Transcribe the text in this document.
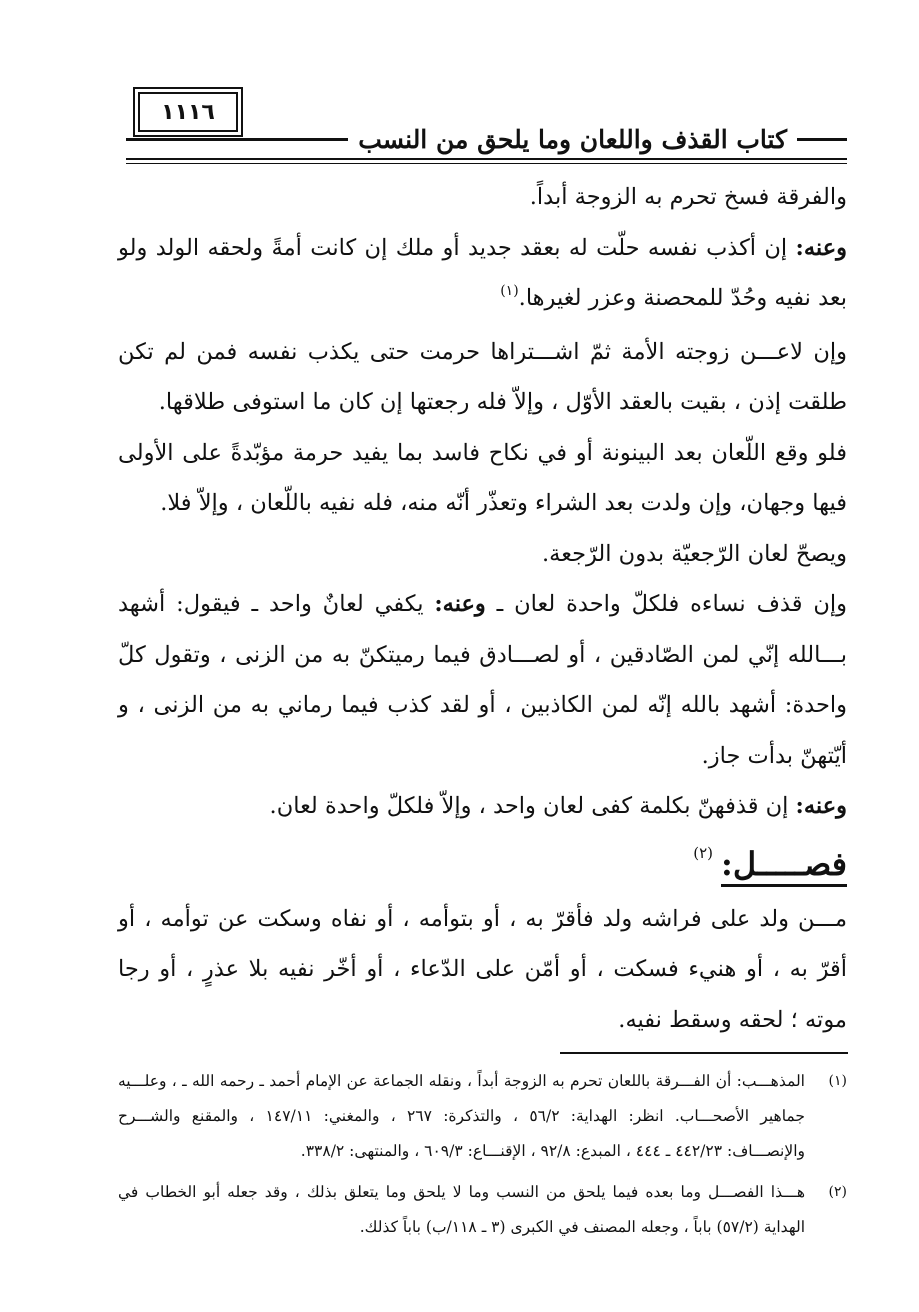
١١١٦
كتاب القذف واللعان وما يلحق من النسب

والفرقة فسخ تحرم به الزوجة أبداً.

وعنه: إن أكذب نفسه حلّت له بعقد جديد أو ملك إن كانت أمةً ولحقه الولد ولو بعد نفيه وحُدّ للمحصنة وعزر لغيرها.$^{(١)}$

وإن لاعـــن زوجته الأمة ثمّ اشـــتراها حرمت حتى يكذب نفسه فمن لم تكن طلقت إذن ، بقيت بالعقد الأوّل ، وإلاّ فله رجعتها إن كان ما استوفى طلاقها.

فلو وقع اللّعان بعد البينونة أو في نكاح فاسد بما يفيد حرمة مؤبّدةً على الأولى فيها وجهان، وإن ولدت بعد الشراء وتعذّر أنّه منه، فله نفيه باللّعان ، وإلاّ فلا.

ويصحّ لعان الرّجعيّة بدون الرّجعة.

وإن قذف نساءه فلكلّ واحدة لعان ـ وعنه: يكفي لعانٌ واحد ـ فيقول: أشهد بـــالله إنّي لمن الصّادقين ، أو لصـــادق فيما رميتكنّ به من الزنى ، وتقول كلّ واحدة: أشهد بالله إنّه لمن الكاذبين ، أو لقد كذب فيما رماني به من الزنى ، و أيّتهنّ بدأت جاز.

وعنه: إن قذفهنّ بكلمة كفى لعان واحد ، وإلاّ فلكلّ واحدة لعان.

فصـــــل:
(٢)

مـــن ولد على فراشه ولد فأقرّ به ، أو بتوأمه ، أو نفاه وسكت عن توأمه ، أو أقرّ به ، أو هنيء فسكت ، أو أمّن على الدّعاء ، أو أخّر نفيه بلا عذرٍ ، أو رجا موته ؛ لحقه وسقط نفيه.

(١)
المذهـــب: أن الفـــرقة باللعان تحرم به الزوجة أبداً ، ونقله الجماعة عن الإمام أحمد ـ رحمه الله ـ ، وعلـــيه جماهير الأصحـــاب. انظر: الهداية: ٥٦/٢ ، والتذكرة: ٢٦٧ ، والمغني: ١٤٧/١١ ، والمقنع والشـــرح والإنصـــاف: ٤٤٢/٢٣ ـ ٤٤٤ ، المبدع: ٩٢/٨ ، الإقنـــاع: ٦٠٩/٣ ، والمنتهى: ٣٣٨/٢.
(٢)
هـــذا الفصـــل وما بعده فيما يلحق من النسب وما لا يلحق وما يتعلق بذلك ، وقد جعله أبو الخطاب في الهداية (٥٧/٢) باباً ، وجعله المصنف في الكبرى (٣ ـ ١١٨/ب) باباً كذلك.
